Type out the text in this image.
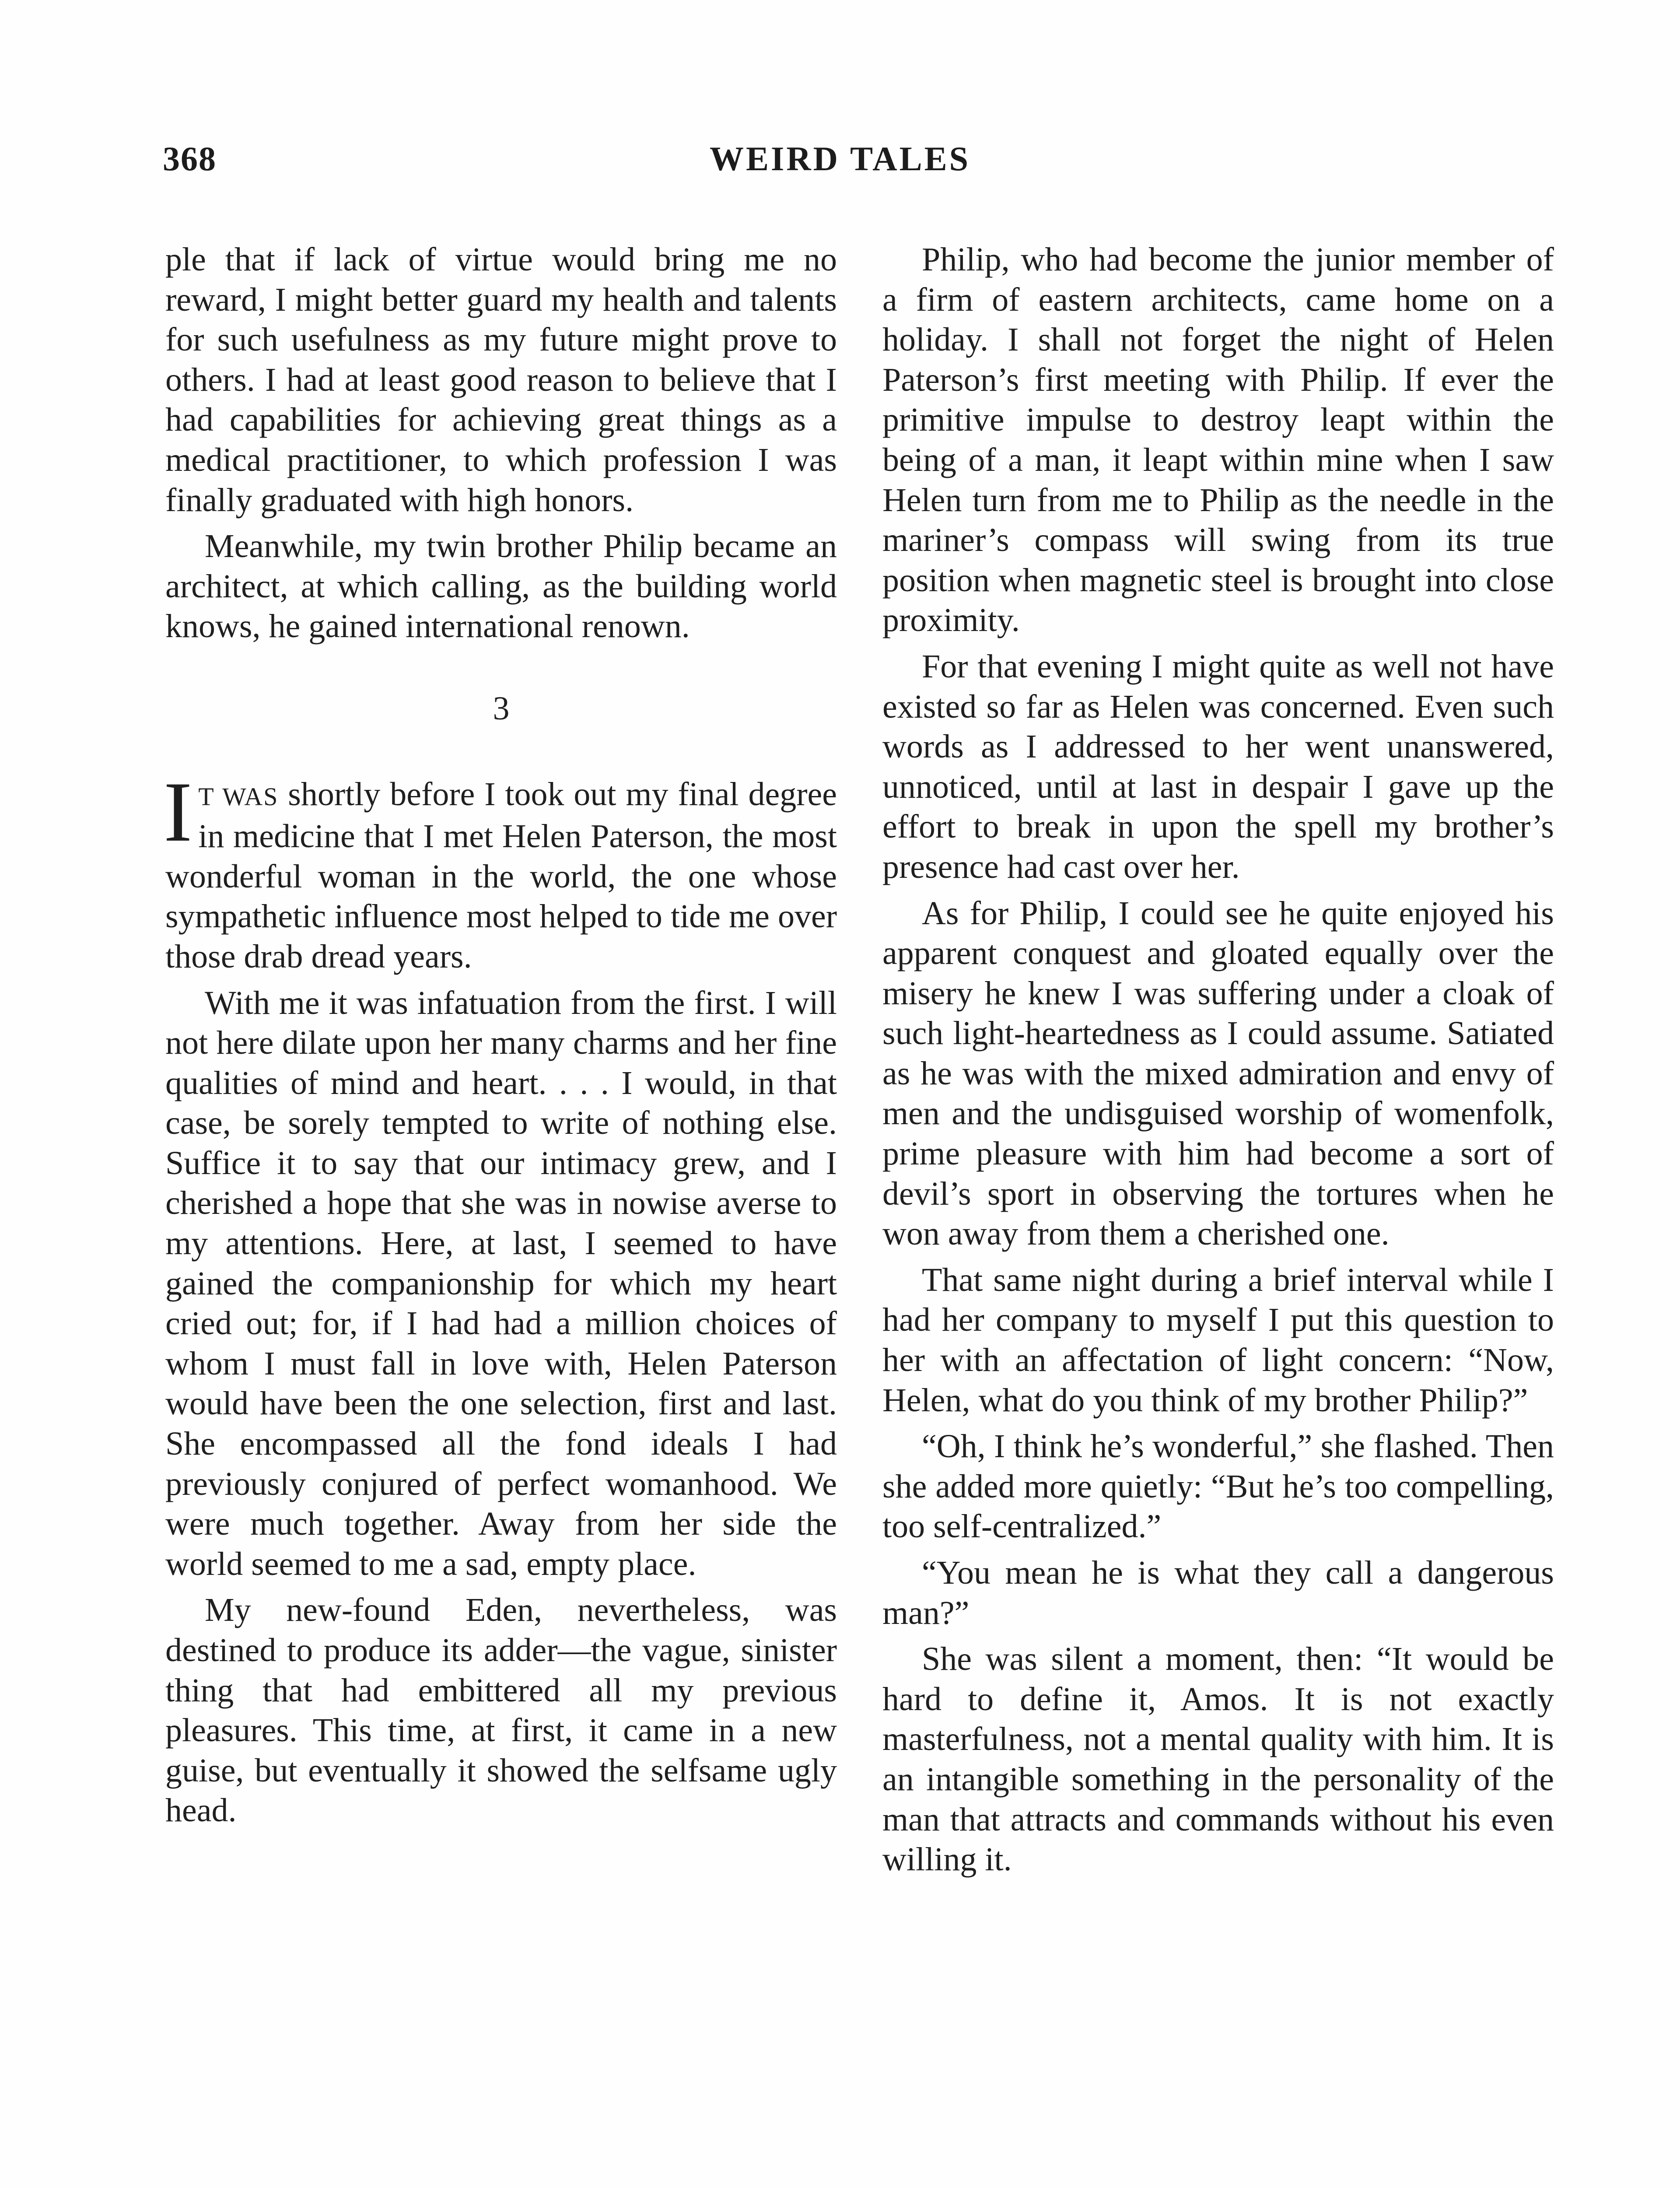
368	WEIRD TALES

ple that if lack of virtue would bring me no reward, I might better guard my health and talents for such usefulness as my future might prove to others. I had at least good reason to believe that I had capabilities for achieving great things as a medical practitioner, to which profession I was finally graduated with high honors.

Meanwhile, my twin brother Philip became an architect, at which calling, as the building world knows, he gained international renown.

3

I T WAS shortly before I took out my final degree in medicine that I met Helen Paterson, the most wonderful woman in the world, the one whose sympathetic influence most helped to tide me over those drab dread years.

With me it was infatuation from the first. I will not here dilate upon her many charms and her fine qualities of mind and heart. . . . I would, in that case, be sorely tempted to write of nothing else. Suffice it to say that our intimacy grew, and I cherished a hope that she was in nowise averse to my attentions. Here, at last, I seemed to have gained the companionship for which my heart cried out; for, if I had had a million choices of whom I must fall in love with, Helen Paterson would have been the one selection, first and last. She encompassed all the fond ideals I had previously conjured of perfect womanhood. We were much together. Away from her side the world seemed to me a sad, empty place.

My new-found Eden, nevertheless, was destined to produce its adder—the vague, sinister thing that had embittered all my previous pleasures. This time, at first, it came in a new guise, but eventually it showed the selfsame ugly head.

Philip, who had become the junior member of a firm of eastern architects, came home on a holiday. I shall not forget the night of Helen Paterson’s first meeting with Philip. If ever the primitive impulse to destroy leapt within the being of a man, it leapt within mine when I saw Helen turn from me to Philip as the needle in the mariner’s compass will swing from its true position when magnetic steel is brought into close proximity.

For that evening I might quite as well not have existed so far as Helen was concerned. Even such words as I addressed to her went unanswered, unnoticed, until at last in despair I gave up the effort to break in upon the spell my brother’s presence had cast over her.

As for Philip, I could see he quite enjoyed his apparent conquest and gloated equally over the misery he knew I was suffering under a cloak of such light-heartedness as I could assume. Satiated as he was with the mixed admiration and envy of men and the undisguised worship of womenfolk, prime pleasure with him had become a sort of devil’s sport in observing the tortures when he won away from them a cherished one.

That same night during a brief interval while I had her company to myself I put this question to her with an affectation of light concern: “Now, Helen, what do you think of my brother Philip?”

“Oh, I think he’s wonderful,” she flashed. Then she added more quietly: “But he’s too compelling, too self-centralized.”

“You mean he is what they call a dangerous man?”

She was silent a moment, then: “It would be hard to define it, Amos. It is not exactly masterfulness, not a mental quality with him. It is an intangible something in the personality of the man that attracts and commands without his even willing it.
